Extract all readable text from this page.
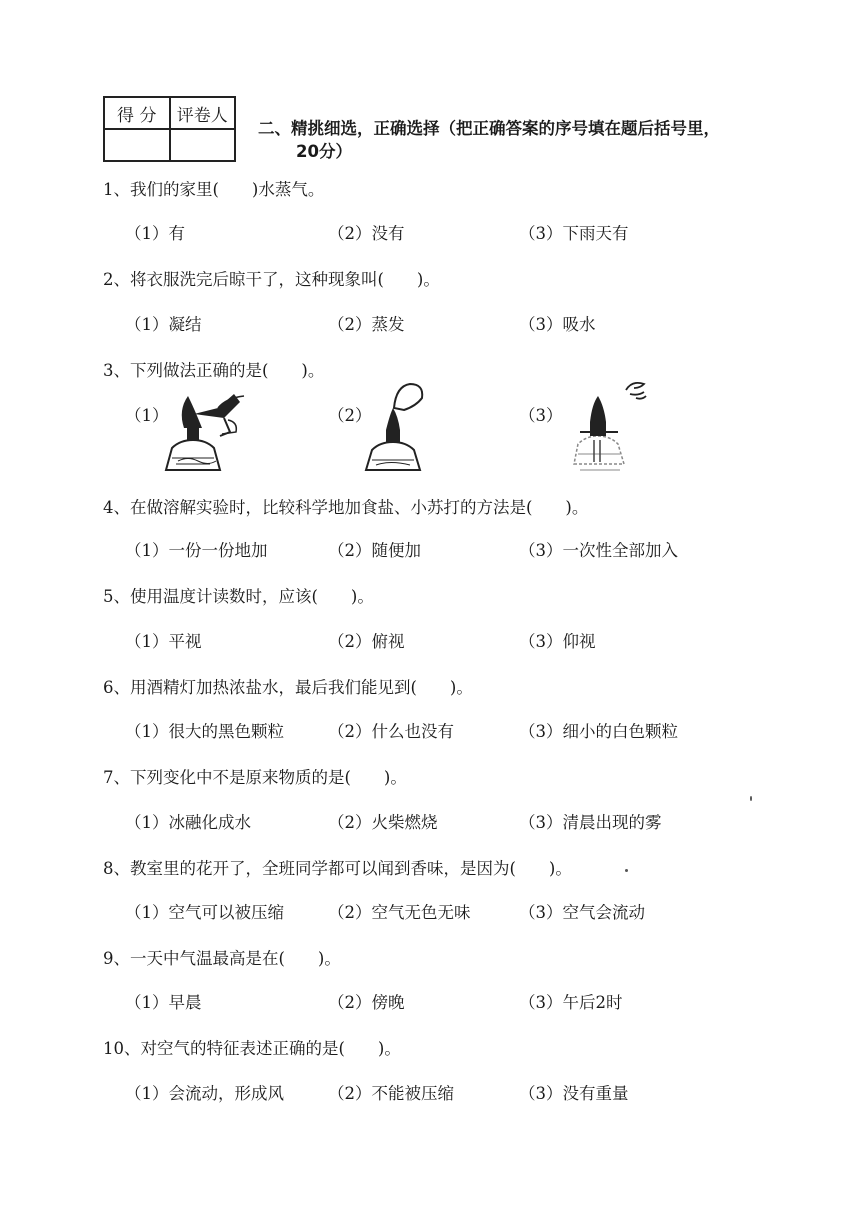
得 分	评卷人

二、精挑细选，正确选择（把正确答案的序号填在题后括号里，
20分）
1、我们的家里(　　)水蒸气。
（1）有	（2）没有	（3）下雨天有
2、将衣服洗完后晾干了，这种现象叫(　　)。
（1）凝结	（2）蒸发	（3）吸水
3、下列做法正确的是(　　)。
（1）	（2）	（3）
4、在做溶解实验时，比较科学地加食盐、小苏打的方法是(　　)。
（1）一份一份地加	（2）随便加	（3）一次性全部加入
5、使用温度计读数时，应该(　　)。
（1）平视	（2）俯视	（3）仰视
6、用酒精灯加热浓盐水，最后我们能见到(　　)。
（1）很大的黑色颗粒	（2）什么也没有	（3）细小的白色颗粒
7、下列变化中不是原来物质的是(　　)。
（1）冰融化成水	（2）火柴燃烧	（3）清晨出现的雾
8、教室里的花开了，全班同学都可以闻到香味，是因为(　　)。
（1）空气可以被压缩	（2）空气无色无味	（3）空气会流动
9、一天中气温最高是在(　　)。
（1）早晨	（2）傍晚	（3）午后2时
10、对空气的特征表述正确的是(　　)。
（1）会流动，形成风	（2）不能被压缩	（3）没有重量
